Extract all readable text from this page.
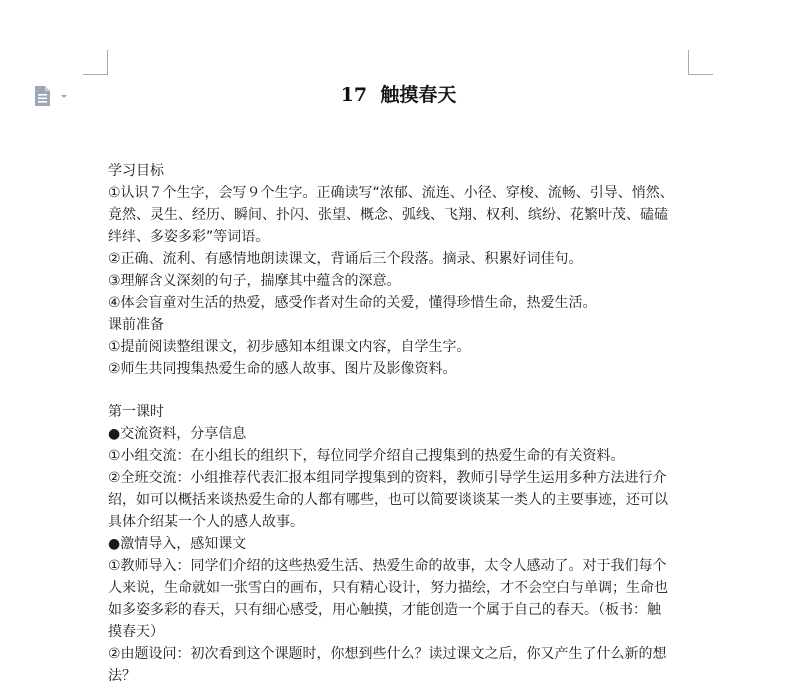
17  触摸春天
学习目标
①认识７个生字，会写９个生字。正确读写“浓郁、流连、小径、穿梭、流畅、引导、悄然、
竟然、灵生、经历、瞬间、扑闪、张望、概念、弧线、飞翔、权利、缤纷、花繁叶茂、磕磕
绊绊、多姿多彩”等词语。
②正确、流利、有感情地朗读课文，背诵后三个段落。摘录、积累好词佳句。
③理解含义深刻的句子，揣摩其中蕴含的深意。
④体会盲童对生活的热爱，感受作者对生命的关爱，懂得珍惜生命，热爱生活。
课前准备
①提前阅读整组课文，初步感知本组课文内容，自学生字。
②师生共同搜集热爱生命的感人故事、图片及影像资料。
第一课时
●交流资料，分享信息
①小组交流：在小组长的组织下，每位同学介绍自己搜集到的热爱生命的有关资料。
②全班交流：小组推荐代表汇报本组同学搜集到的资料，教师引导学生运用多种方法进行介
绍，如可以概括来谈热爱生命的人都有哪些，也可以简要谈谈某一类人的主要事迹，还可以
具体介绍某一个人的感人故事。
●激情导入，感知课文
①教师导入：同学们介绍的这些热爱生活、热爱生命的故事，太令人感动了。对于我们每个
人来说，生命就如一张雪白的画布，只有精心设计，努力描绘，才不会空白与单调；生命也
如多姿多彩的春天，只有细心感受，用心触摸，才能创造一个属于自己的春天。（板书：触
摸春天）
②由题设问：初次看到这个课题时，你想到些什么？读过课文之后，你又产生了什么新的想
法？
